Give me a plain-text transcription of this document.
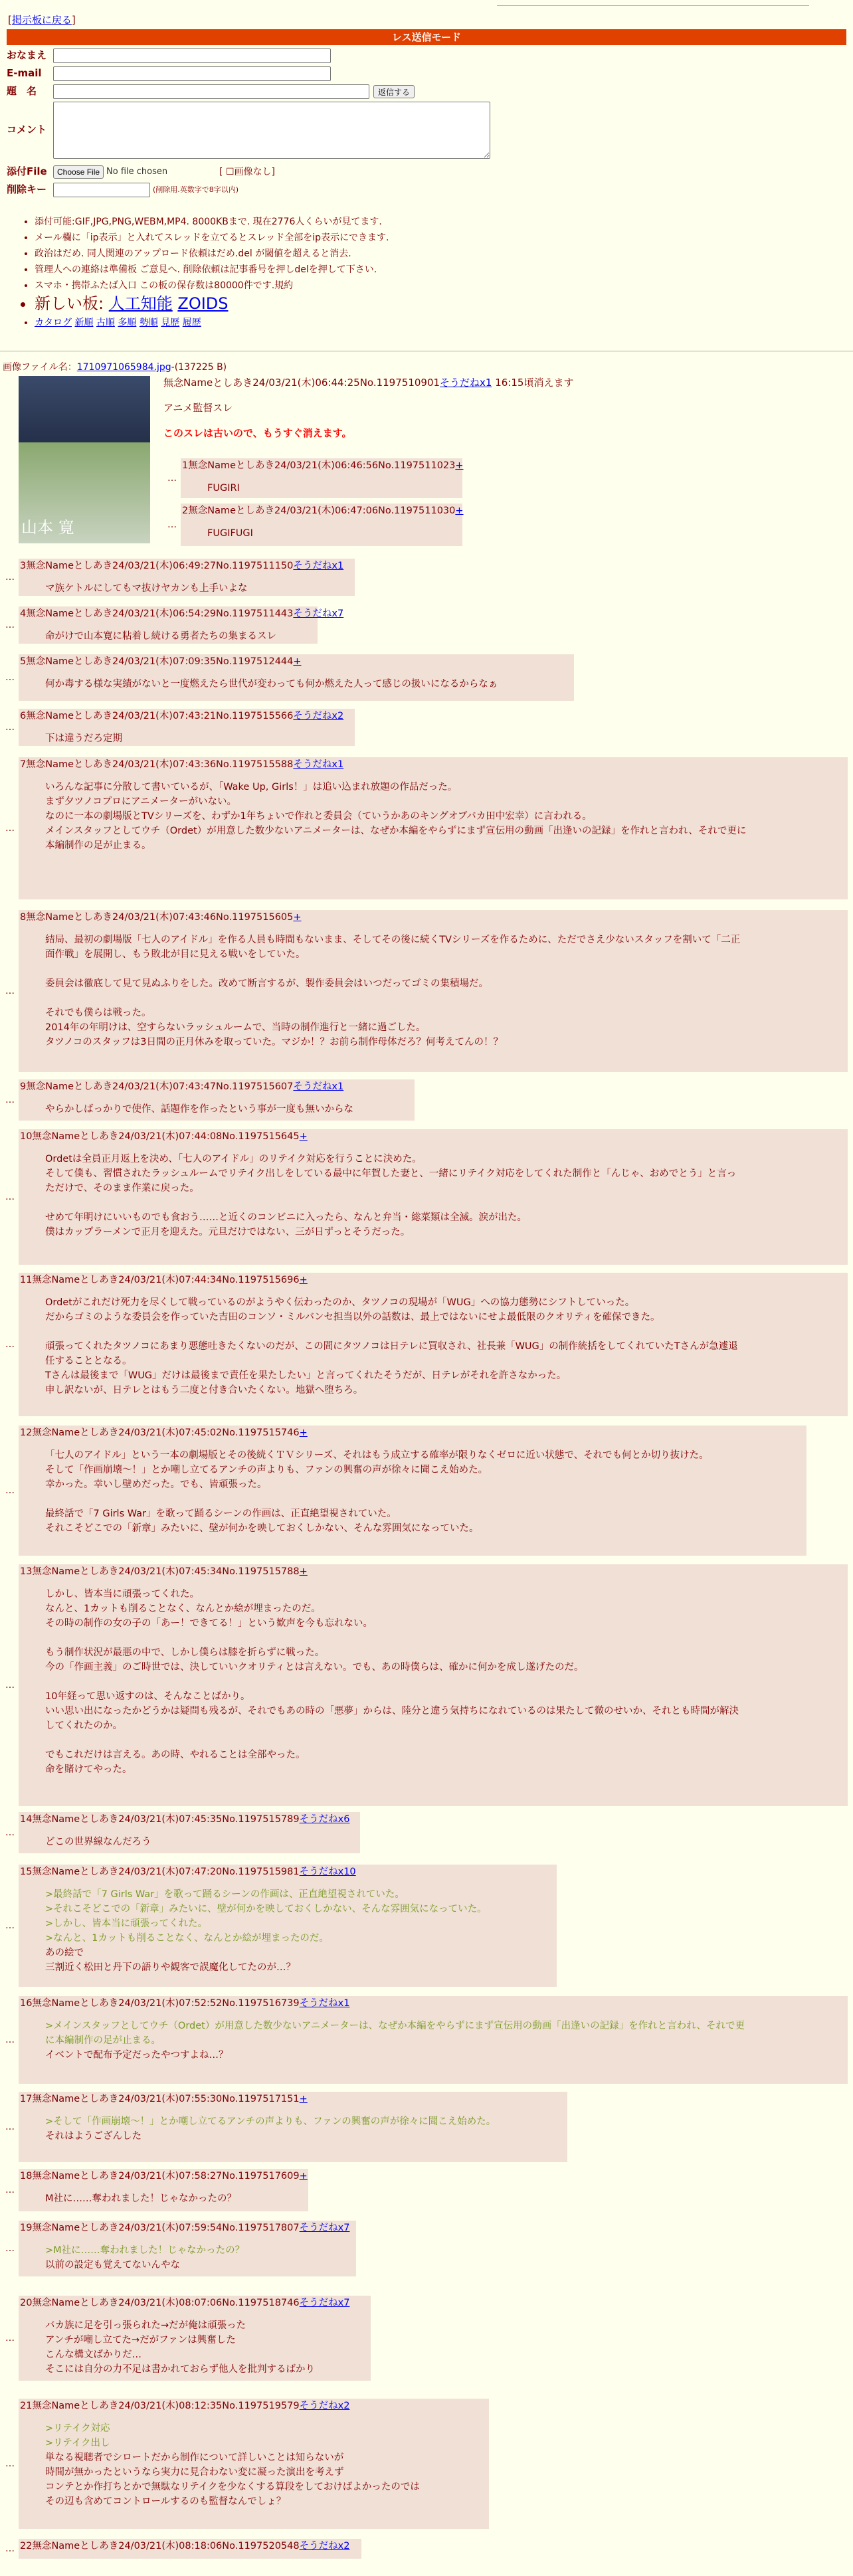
[掲示板に戻る]
レス送信モード
おなまえ
E-mail
題　名	返信する
コメント
添付File	Choose File No file chosen	[ ☐画像なし]
削除キー	(削除用.英数字で8字以内)
• 添付可能:GIF,JPG,PNG,WEBM,MP4. 8000KBまで. 現在2776人くらいが見てます.
• メール欄に「ip表示」と入れてスレッドを立てるとスレッド全部をip表示にできます.
• 政治はだめ. 同人関連のアップロード依頼はだめ.del が閾値を超えると消去.
• 管理人への連絡は準備板 ご意見へ. 削除依頼は記事番号を押しdelを押して下さい.
• スマホ・携帯ふたば入口 この板の保存数は80000件です.規約
• 新しい板: 人工知能 ZOIDS
• カタログ 新順 古順 多順 勢順 見歴 履歴
画像ファイル名：1710971065984.jpg-(137225 B)
山本 寛

無念Nameとしあき24/03/21(木)06:44:25No.1197510901そうだねx1 16:15頃消えます

アニメ監督スレ

このスレは古いので、もうすぐ消えます。

…
1無念Nameとしあき24/03/21(木)06:46:56No.1197511023+
FUGIRI
…
2無念Nameとしあき24/03/21(木)06:47:06No.1197511030+
FUGIFUGI
…
3無念Nameとしあき24/03/21(木)06:49:27No.1197511150そうだねx1
マ族ケトルにしてもマ抜けヤカンも上手いよな
…
4無念Nameとしあき24/03/21(木)06:54:29No.1197511443そうだねx7
命がけで山本寛に粘着し続ける勇者たちの集まるスレ
…
5無念Nameとしあき24/03/21(木)07:09:35No.1197512444+
何か毒する様な実績がないと一度燃えたら世代が変わっても何か燃えた人って感じの扱いになるからなぁ
…
6無念Nameとしあき24/03/21(木)07:43:21No.1197515566そうだねx2
下は違うだろ定期
…
7無念Nameとしあき24/03/21(木)07:43:36No.1197515588そうだねx1
いろんな記事に分散して書いているが、「Wake Up, Girls！」は追い込まれ放題の作品だった。
まず夕ツノコプロにアニメーターがいない。
なのに一本の劇場版とTVシリーズを、わずか1年ちょいで作れと委員会（ていうかあのキングオブバカ田中宏幸）に言われる。
メインスタッフとしてウチ（Ordet）が用意した数少ないアニメーターは、なぜか本編をやらずにまず宣伝用の動画「出逢いの記録」を作れと言われ、それで更に
本編制作の足が止まる。
…
8無念Nameとしあき24/03/21(木)07:43:46No.1197515605+
結局、最初の劇場版「七人のアイドル」を作る人員も時間もないまま、そしてその後に続くTVシリーズを作るために、ただでさえ少ないスタッフを割いて「二正
面作戦」を展開し、もう敗北が目に見える戦いをしていた。

委員会は徹底して見て見ぬふりをした。改めて断言するが、製作委員会はいつだってゴミの集積場だ。

それでも僕らは戦った。
2014年の年明けは、空すらないラッシュルームで、当時の制作進行と一緒に過ごした。
タツノコのスタッフは3日間の正月休みを取っていた。マジか！？お前ら制作母体だろ？何考えてんの！？
…
9無念Nameとしあき24/03/21(木)07:43:47No.1197515607そうだねx1
やらかしばっかりで使作、話題作を作ったという事が一度も無いからな
…
10無念Nameとしあき24/03/21(木)07:44:08No.1197515645+
Ordetは全員正月返上を決め、「七人のアイドル」のリテイク対応を行うことに決めた。
そして僕も、習慣されたラッシュルームでリテイク出しをしている最中に年賀した妻と、一緒にリテイク対応をしてくれた制作と「んじゃ、おめでとう」と言っ
ただけで、そのまま作業に戻った。

せめて年明けにいいものでも食おう……と近くのコンビニに入ったら、なんと弁当・総菜類は全滅。涙が出た。
僕はカップラーメンで正月を迎えた。元旦だけではない、三が日ずっとそうだった。
…
11無念Nameとしあき24/03/21(木)07:44:34No.1197515696+
Ordetがこれだけ死力を尽くして戦っているのがようやく伝わったのか、タツノコの現場が「WUG」への協力態勢にシフトしていった。
だからゴミのような委員会を作っていた吉田のコンソ・ミルバンセ担当以外の話数は、最上ではないにせよ最低限のクオリティを確保できた。

頑張ってくれたタツノコにあまり悪態吐きたくないのだが、この間にタツノコは日テレに買収され、社長兼「WUG」の制作統括をしてくれていたTさんが急遽退
任することとなる。
Tさんは最後まで「WUG」だけは最後まで責任を果たしたい」と言ってくれたそうだが、日テレがそれを許さなかった。
申し訳ないが、日テレとはもう二度と付き合いたくない。地獄へ堕ちろ。
…
12無念Nameとしあき24/03/21(木)07:45:02No.1197515746+
「七人のアイドル」という一本の劇場版とその後続くＴＶシリーズ、それはもう成立する確率が限りなくゼロに近い状態で、それでも何とか切り抜けた。
そして「作画崩壊～！」とか嘲し立てるアンチの声よりも、ファンの興奮の声が徐々に聞こえ始めた。
幸かった。幸いし壁めだった。でも、皆頑張った。

最終話で「7 Girls War」を歌って踊るシーンの作画は、正直絶望視されていた。
それこそどこでの「新章」みたいに、壁が何かを映しておくしかない、そんな雰囲気になっていた。
…
13無念Nameとしあき24/03/21(木)07:45:34No.1197515788+
しかし、皆本当に頑張ってくれた。
なんと、1カットも削ることなく、なんとか絵が埋まったのだ。
その時の制作の女の子の「あー！できてる！」という歓声を今も忘れない。

もう制作状況が最悪の中で、しかし僕らは膝を折らずに戦った。
今の「作画主義」のご時世では、決していいクオリティとは言えない。でも、あの時僕らは、確かに何かを成し遂げたのだ。

10年経って思い返すのは、そんなことばかり。
いい思い出になったかどうかは疑問も残るが、それでもあの時の「悪夢」からは、陸分と違う気持ちになれているのは果たして微のせいか、それとも時間が解決
してくれたのか。

でもこれだけは言える。あの時、やれることは全部やった。
命を賭けてやった。
…
14無念Nameとしあき24/03/21(木)07:45:35No.1197515789そうだねx6
どこの世界線なんだろう
…
15無念Nameとしあき24/03/21(木)07:47:20No.1197515981そうだねx10
>最終話で「7 Girls War」を歌って踊るシーンの作画は、正直絶望視されていた。
>それこそどこでの「新章」みたいに、壁が何かを映しておくしかない、そんな雰囲気になっていた。
>しかし、皆本当に頑張ってくれた。
>なんと、1カットも削ることなく、なんとか絵が埋まったのだ。
あの絵で
三割近く松田と丹下の語りや観客で誤魔化してたのが…？
…
16無念Nameとしあき24/03/21(木)07:52:52No.1197516739そうだねx1
>メインスタッフとしてウチ（Ordet）が用意した数少ないアニメーターは、なぜか本編をやらずにまず宣伝用の動画「出逢いの記録」を作れと言われ、それで更
に本編制作の足が止まる。
イベントで配布予定だったやつすよね…？
…
17無念Nameとしあき24/03/21(木)07:55:30No.1197517151+
>そして「作画崩壊～！」とか嘲し立てるアンチの声よりも、ファンの興奮の声が徐々に聞こえ始めた。
それはようござんした
…
18無念Nameとしあき24/03/21(木)07:58:27No.1197517609+
M社に……奪われました！じゃなかったの？
…
19無念Nameとしあき24/03/21(木)07:59:54No.1197517807そうだねx7
>M社に……奪われました！じゃなかったの？
以前の設定も覚えてないんやな
…
20無念Nameとしあき24/03/21(木)08:07:06No.1197518746そうだねx7
バカ族に足を引っ張られた→だが俺は頑張った
アンチが嘲し立てた→だがファンは興奮した
こんな構文ばかりだ…
そこには自分の力不足は書かれておらず他人を批判するばかり
…
21無念Nameとしあき24/03/21(木)08:12:35No.1197519579そうだねx2
>リテイク対応
>リテイク出し
単なる視聴者でシロートだから制作について詳しいことは知らないが
時間が無かったというなら実力に見合わない変に凝った演出を考えず
コンテとか作打ちとかで無駄なリテイクを少なくする算段をしておけばよかったのでは
その辺も含めてコントロールするのも監督なんでしょ？
… 22無念Nameとしあき24/03/21(木)08:18:06No.1197520548そうだねx2
